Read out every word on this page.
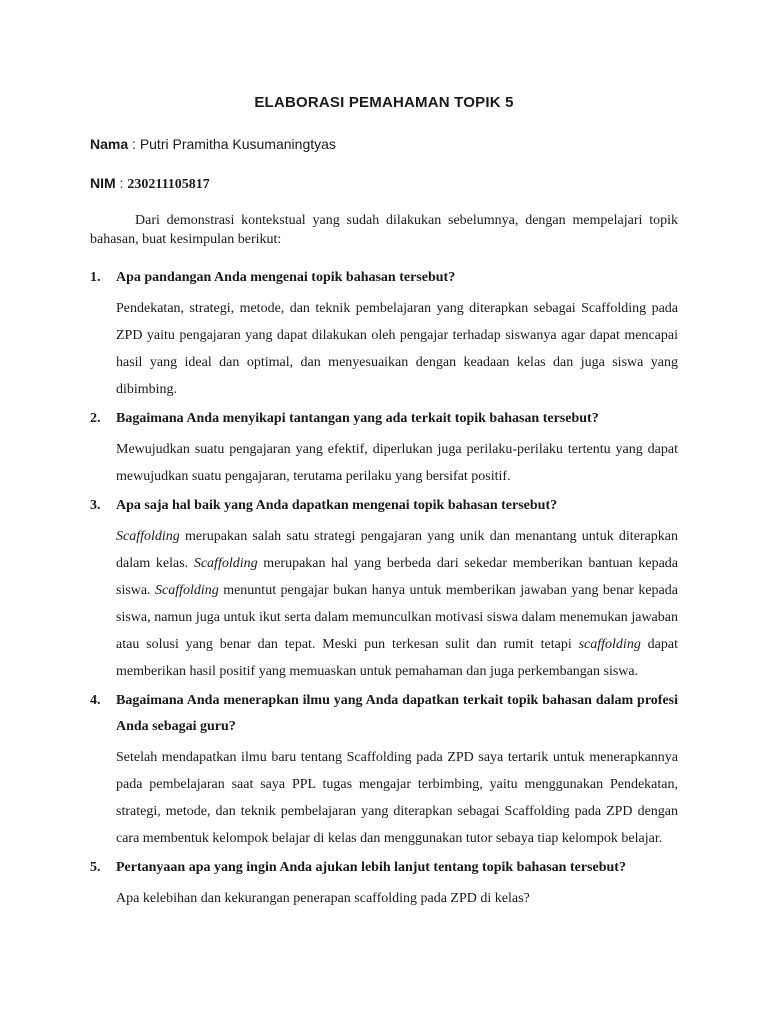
ELABORASI PEMAHAMAN TOPIK 5
Nama : Putri Pramitha Kusumaningtyas
NIM : 230211105817
Dari demonstrasi kontekstual yang sudah dilakukan sebelumnya, dengan mempelajari topik bahasan, buat kesimpulan berikut:
1. Apa pandangan Anda mengenai topik bahasan tersebut?
Pendekatan, strategi, metode, dan teknik pembelajaran yang diterapkan sebagai Scaffolding pada ZPD yaitu pengajaran yang dapat dilakukan oleh pengajar terhadap siswanya agar dapat mencapai hasil yang ideal dan optimal, dan menyesuaikan dengan keadaan kelas dan juga siswa yang dibimbing.
2. Bagaimana Anda menyikapi tantangan yang ada terkait topik bahasan tersebut?
Mewujudkan suatu pengajaran yang efektif, diperlukan juga perilaku-perilaku tertentu yang dapat mewujudkan suatu pengajaran, terutama perilaku yang bersifat positif.
3. Apa saja hal baik yang Anda dapatkan mengenai topik bahasan tersebut?
Scaffolding merupakan salah satu strategi pengajaran yang unik dan menantang untuk diterapkan dalam kelas. Scaffolding merupakan hal yang berbeda dari sekedar memberikan bantuan kepada siswa. Scaffolding menuntut pengajar bukan hanya untuk memberikan jawaban yang benar kepada siswa, namun juga untuk ikut serta dalam memunculkan motivasi siswa dalam menemukan jawaban atau solusi yang benar dan tepat. Meski pun terkesan sulit dan rumit tetapi scaffolding dapat memberikan hasil positif yang memuaskan untuk pemahaman dan juga perkembangan siswa.
4. Bagaimana Anda menerapkan ilmu yang Anda dapatkan terkait topik bahasan dalam profesi Anda sebagai guru?
Setelah mendapatkan ilmu baru tentang Scaffolding pada ZPD saya tertarik untuk menerapkannya pada pembelajaran saat saya PPL tugas mengajar terbimbing, yaitu menggunakan Pendekatan, strategi, metode, dan teknik pembelajaran yang diterapkan sebagai Scaffolding pada ZPD dengan cara membentuk kelompok belajar di kelas dan menggunakan tutor sebaya tiap kelompok belajar.
5. Pertanyaan apa yang ingin Anda ajukan lebih lanjut tentang topik bahasan tersebut?
Apa kelebihan dan kekurangan penerapan scaffolding pada ZPD di kelas?
